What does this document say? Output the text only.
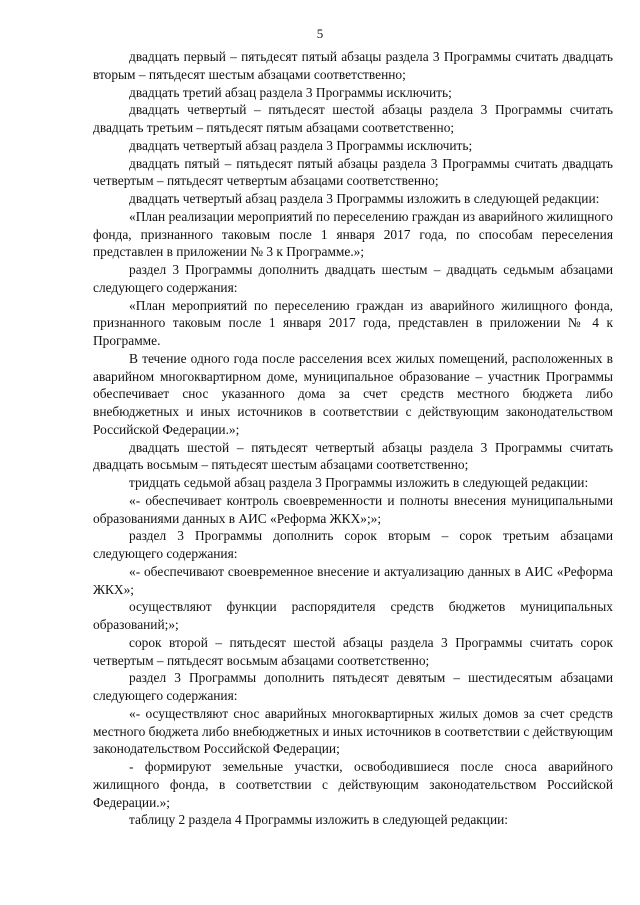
5

двадцать первый – пятьдесят пятый абзацы раздела 3 Программы считать двадцать вторым – пятьдесят шестым абзацами соответственно;

двадцать третий абзац раздела 3 Программы исключить;

двадцать четвертый – пятьдесят шестой абзацы раздела 3 Программы считать двадцать третьим – пятьдесят пятым абзацами соответственно;

двадцать четвертый абзац раздела 3 Программы исключить;

двадцать пятый – пятьдесят пятый абзацы раздела 3 Программы считать двадцать четвертым – пятьдесят четвертым абзацами соответственно;

двадцать четвертый абзац раздела 3 Программы изложить в следующей редакции:

«План реализации мероприятий по переселению граждан из аварийного жилищного фонда, признанного таковым после 1 января 2017 года, по способам переселения представлен в приложении № 3 к Программе.»;

раздел 3 Программы дополнить двадцать шестым – двадцать седьмым абзацами следующего содержания:

«План мероприятий по переселению граждан из аварийного жилищного фонда, признанного таковым после 1 января 2017 года, представлен в приложении № 4 к Программе.

В течение одного года после расселения всех жилых помещений, расположенных в аварийном многоквартирном доме, муниципальное образование – участник Программы обеспечивает снос указанного дома за счет средств местного бюджета либо внебюджетных и иных источников в соответствии с действующим законодательством Российской Федерации.»;

двадцать шестой – пятьдесят четвертый абзацы раздела 3 Программы считать двадцать восьмым – пятьдесят шестым абзацами соответственно;

тридцать седьмой абзац раздела 3 Программы изложить в следующей редакции:

«- обеспечивает контроль своевременности и полноты внесения муниципальными образованиями данных в АИС «Реформа ЖКХ»;»;

раздел 3 Программы дополнить сорок вторым – сорок третьим абзацами следующего содержания:

«- обеспечивают своевременное внесение и актуализацию данных в АИС «Реформа ЖКХ»;

осуществляют функции распорядителя средств бюджетов муниципальных образований;»;

сорок второй – пятьдесят шестой абзацы раздела 3 Программы считать сорок четвертым – пятьдесят восьмым абзацами соответственно;

раздел 3 Программы дополнить пятьдесят девятым – шестидесятым абзацами следующего содержания:

«- осуществляют снос аварийных многоквартирных жилых домов за счет средств местного бюджета либо внебюджетных и иных источников в соответствии с действующим законодательством Российской Федерации;

- формируют земельные участки, освободившиеся после сноса аварийного жилищного фонда, в соответствии с действующим законодательством Российской Федерации.»;

таблицу 2 раздела 4 Программы изложить в следующей редакции:
